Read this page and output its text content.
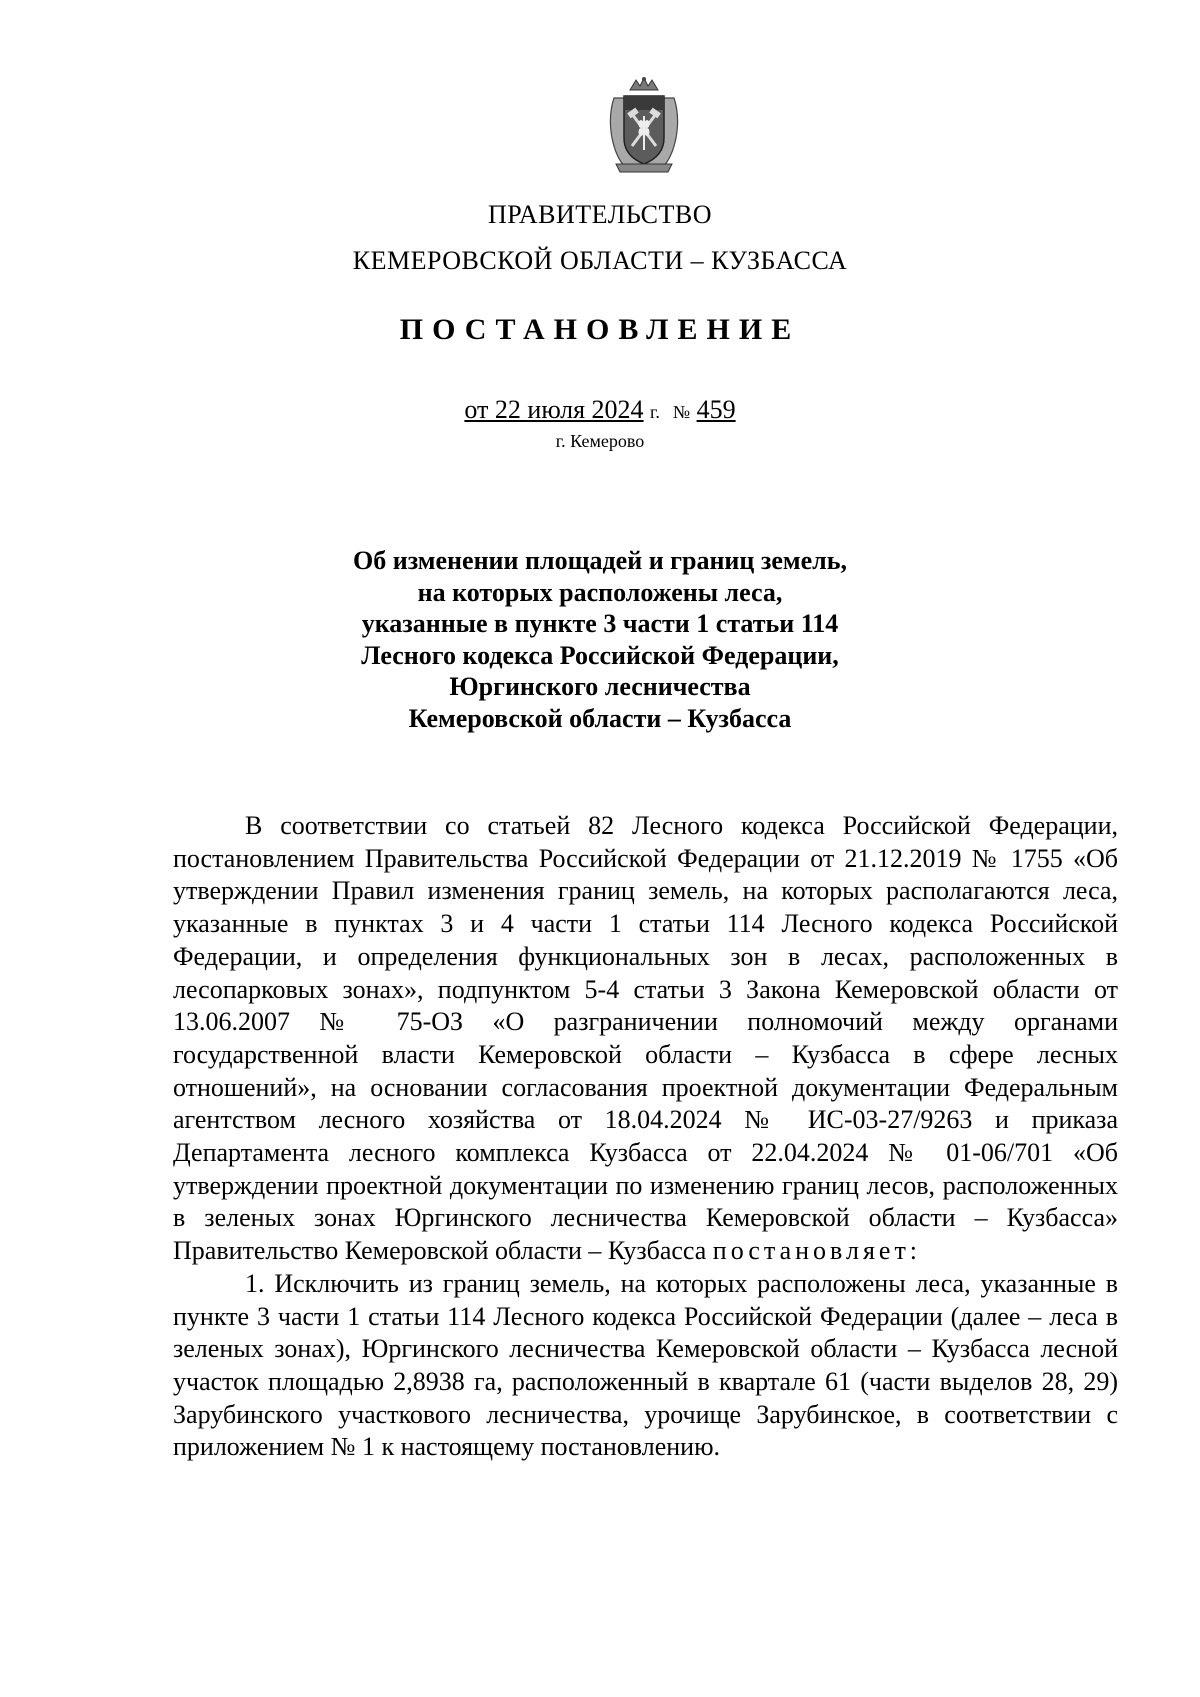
ПРАВИТЕЛЬСТВО
КЕМЕРОВСКОЙ ОБЛАСТИ – КУЗБАССА
ПОСТАНОВЛЕНИЕ
от 22 июля 2024 г. № 459
г. Кемерово
Об изменении площадей и границ земель,
на которых расположены леса,
указанные в пункте 3 части 1 статьи 114
Лесного кодекса Российской Федерации,
Юргинского лесничества
Кемеровской области – Кузбасса

В соответствии со статьей 82 Лесного кодекса Российской Федерации, постановлением Правительства Российской Федерации от 21.12.2019 № 1755 «Об утверждении Правил изменения границ земель, на которых располагаются леса, указанные в пунктах 3 и 4 части 1 статьи 114 Лесного кодекса Российской Федерации, и определения функциональных зон в лесах, расположенных в лесопарковых зонах», подпунктом 5-4 статьи 3 Закона Кемеровской области от 13.06.2007 № 75-ОЗ «О разграничении полномочий между органами государственной власти Кемеровской области – Кузбасса в сфере лесных отношений», на основании согласования проектной документации Федеральным агентством лесного хозяйства от 18.04.2024 № ИС-03-27/9263 и приказа Департамента лесного комплекса Кузбасса от 22.04.2024 № 01-06/701 «Об утверждении проектной документации по изменению границ лесов, расположенных в зеленых зонах Юргинского лесничества Кемеровской области – Кузбасса» Правительство Кемеровской области – Кузбасса постановляет:

1. Исключить из границ земель, на которых расположены леса, указанные в пункте 3 части 1 статьи 114 Лесного кодекса Российской Федерации (далее – леса в зеленых зонах), Юргинского лесничества Кемеровской области – Кузбасса лесной участок площадью 2,8938 га, расположенный в квартале 61 (части выделов 28, 29) Зарубинского участкового лесничества, урочище Зарубинское, в соответствии с приложением № 1 к настоящему постановлению.
